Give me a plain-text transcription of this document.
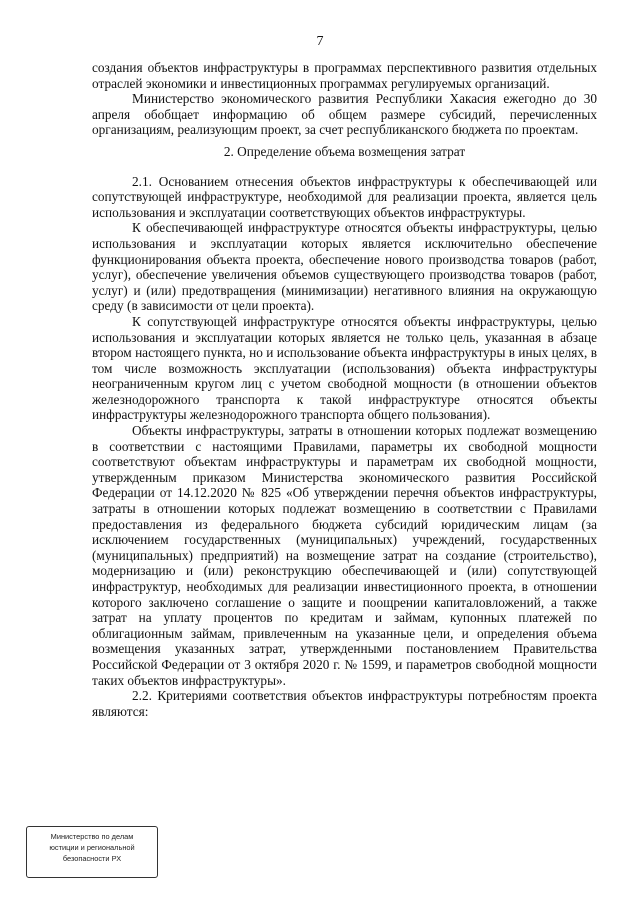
7

создания объектов инфраструктуры в программах перспективного развития отдельных отраслей экономики и инвестиционных программах регулируемых организаций.

Министерство экономического развития Республики Хакасия ежегодно до 30 апреля обобщает информацию об общем размере субсидий, перечисленных организациям, реализующим проект, за счет республиканского бюджета по проектам.

2. Определение объема возмещения затрат

2.1. Основанием отнесения объектов инфраструктуры к обеспечивающей или сопутствующей инфраструктуре, необходимой для реализации проекта, является цель использования и эксплуатации соответствующих объектов инфраструктуры.

К обеспечивающей инфраструктуре относятся объекты инфраструктуры, целью использования и эксплуатации которых является исключительно обеспечение функционирования объекта проекта, обеспечение нового производства товаров (работ, услуг), обеспечение увеличения объемов существующего производства товаров (работ, услуг) и (или) предотвращения (минимизации) негативного влияния на окружающую среду (в зависимости от цели проекта).

К сопутствующей инфраструктуре относятся объекты инфраструктуры, целью использования и эксплуатации которых является не только цель, указанная в абзаце втором настоящего пункта, но и использование объекта инфраструктуры в иных целях, в том числе возможность эксплуатации (использования) объекта инфраструктуры неограниченным кругом лиц с учетом свободной мощности (в отношении объектов железнодорожного транспорта к такой инфраструктуре относятся объекты инфраструктуры железнодорожного транспорта общего пользования).

Объекты инфраструктуры, затраты в отношении которых подлежат возмещению в соответствии с настоящими Правилами, параметры их свободной мощности соответствуют объектам инфраструктуры и параметрам их свободной мощности, утвержденным приказом Министерства экономического развития Российской Федерации от 14.12.2020 № 825 «Об утверждении перечня объектов инфраструктуры, затраты в отношении которых подлежат возмещению в соответствии с Правилами предоставления из федерального бюджета субсидий юридическим лицам (за исключением государственных (муниципальных) учреждений, государственных (муниципальных) предприятий) на возмещение затрат на создание (строительство), модернизацию и (или) реконструкцию обеспечивающей и (или) сопутствующей инфраструктур, необходимых для реализации инвестиционного проекта, в отношении которого заключено соглашение о защите и поощрении капиталовложений, а также затрат на уплату процентов по кредитам и займам, купонных платежей по облигационным займам, привлеченным на указанные цели, и определения объема возмещения указанных затрат, утвержденными постановлением Правительства Российской Федерации от 3 октября 2020 г. № 1599, и параметров свободной мощности таких объектов инфраструктуры».

2.2. Критериями соответствия объектов инфраструктуры потребностям проекта являются:

Министерство по делам
юстиции и региональной
безопасности РХ
